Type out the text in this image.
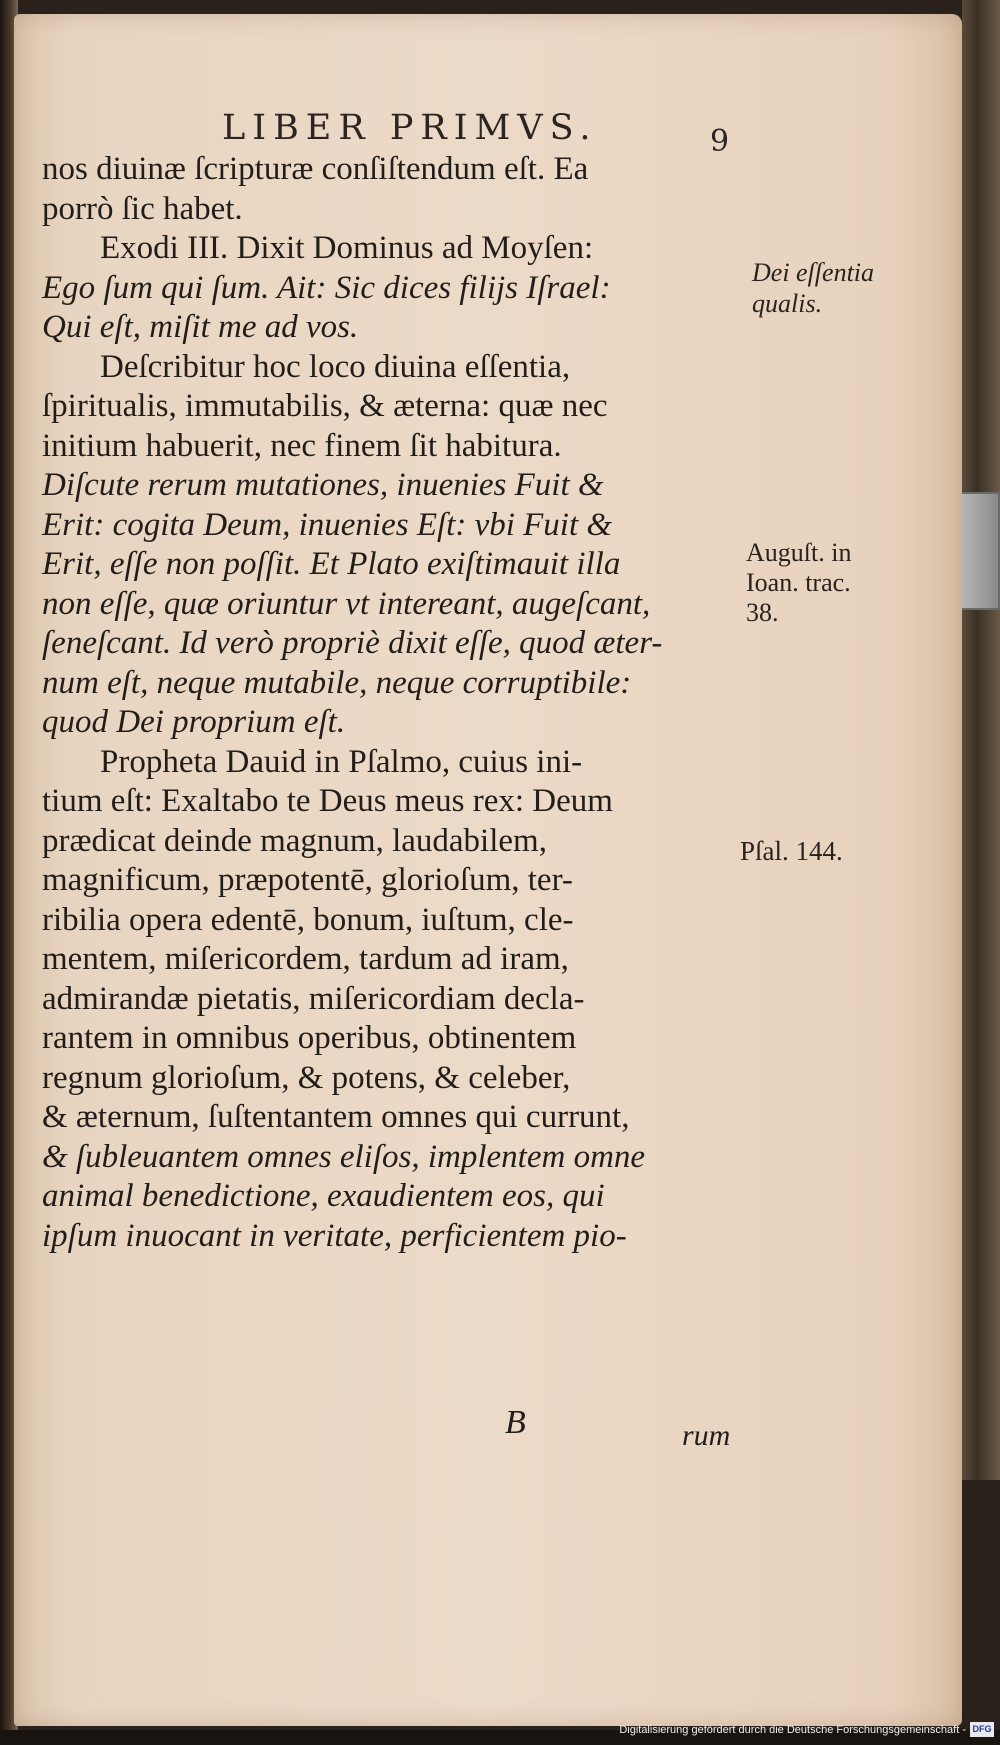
LIBER PRIMVS.	9
nos diuinæ ſcripturæ conſiſtendum eſt. Ea
porrò ſic habet.
Exodi III. Dixit Dominus ad Moyſen:
Ego ſum qui ſum. Ait: Sic dices filijs Iſrael:
Qui eſt, miſit me ad vos.
Deſcribitur hoc loco diuina eſſentia,
ſpiritualis, immutabilis, & æterna: quæ nec
initium habuerit, nec finem ſit habitura.
Diſcute rerum mutationes, inuenies Fuit &
Erit: cogita Deum, inuenies Eſt: vbi Fuit &
Erit, eſſe non poſſit. Et Plato exiſtimauit illa
non eſſe, quæ oriuntur vt intereant, augeſcant,
ſeneſcant. Id verò propriè dixit eſſe, quod æter-
num eſt, neque mutabile, neque corruptibile:
quod Dei proprium eſt.
Propheta Dauid in Pſalmo, cuius ini-
tium eſt: Exaltabo te Deus meus rex: Deum
prædicat deinde magnum, laudabilem,
magnificum, præpotentē, glorioſum, ter-
ribilia opera edentē, bonum, iuſtum, cle-
mentem, miſericordem, tardum ad iram,
admirandæ pietatis, miſericordiam decla-
rantem in omnibus operibus, obtinentem
regnum glorioſum, & potens, & celeber,
& æternum, ſuſtentantem omnes qui currunt,
& ſubleuantem omnes eliſos, implentem omne
animal benedictione, exaudientem eos, qui
ipſum inuocant in veritate, perficientem pio-
Dei eſſentia
qualis.
Auguſt. in
Ioan. trac.
38.
Pſal. 144.
B	rum
Digitalisierung gefördert durch die Deutsche Forschungsgemeinschaft - DFG
